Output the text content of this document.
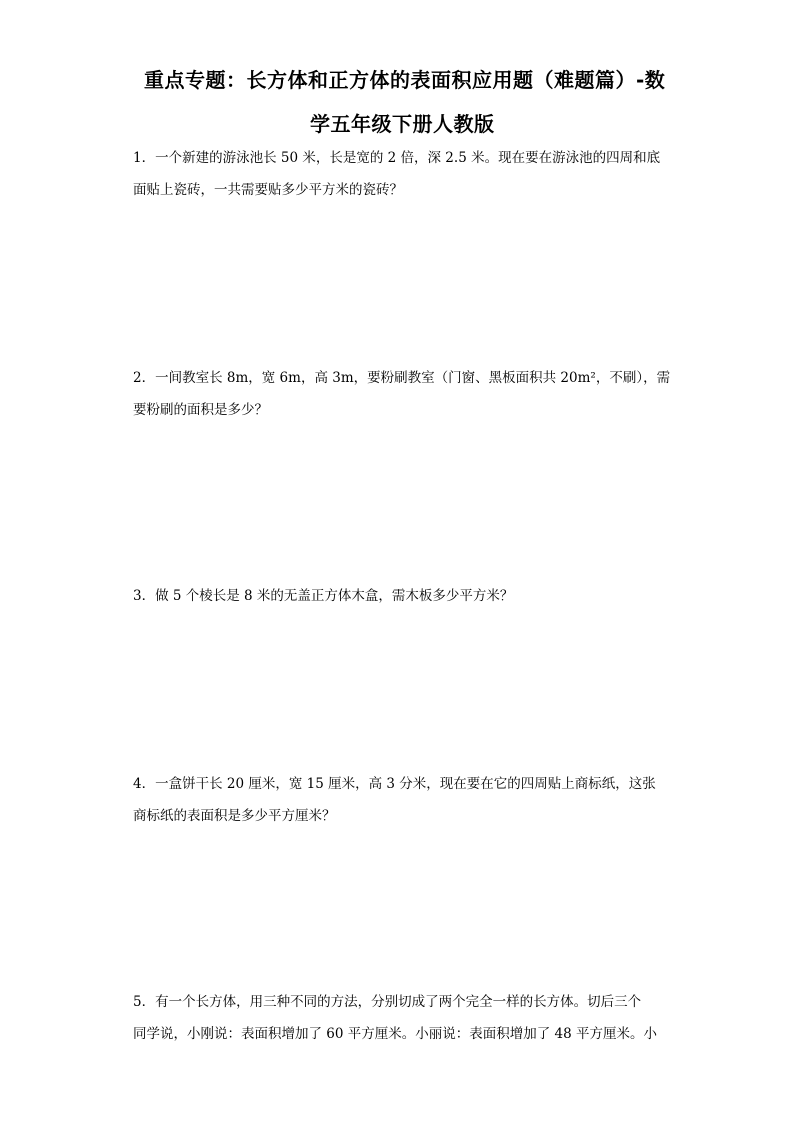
重点专题：长方体和正方体的表面积应用题（难题篇）-数
学五年级下册人教版
1．一个新建的游泳池长 50 米，长是宽的 2 倍，深 2.5 米。现在要在游泳池的四周和底
面贴上瓷砖，一共需要贴多少平方米的瓷砖？
2．一间教室长 8m，宽 6m，高 3m，要粉刷教室（门窗、黑板面积共 20m²，不刷），需
要粉刷的面积是多少？
3．做 5 个棱长是 8 米的无盖正方体木盒，需木板多少平方米？
4．一盒饼干长 20 厘米，宽 15 厘米，高 3 分米，现在要在它的四周贴上商标纸，这张
商标纸的表面积是多少平方厘米？
5．有一个长方体，用三种不同的方法，分别切成了两个完全一样的长方体。切后三个
同学说，小刚说：表面积增加了 60 平方厘米。小丽说：表面积增加了 48 平方厘米。小
